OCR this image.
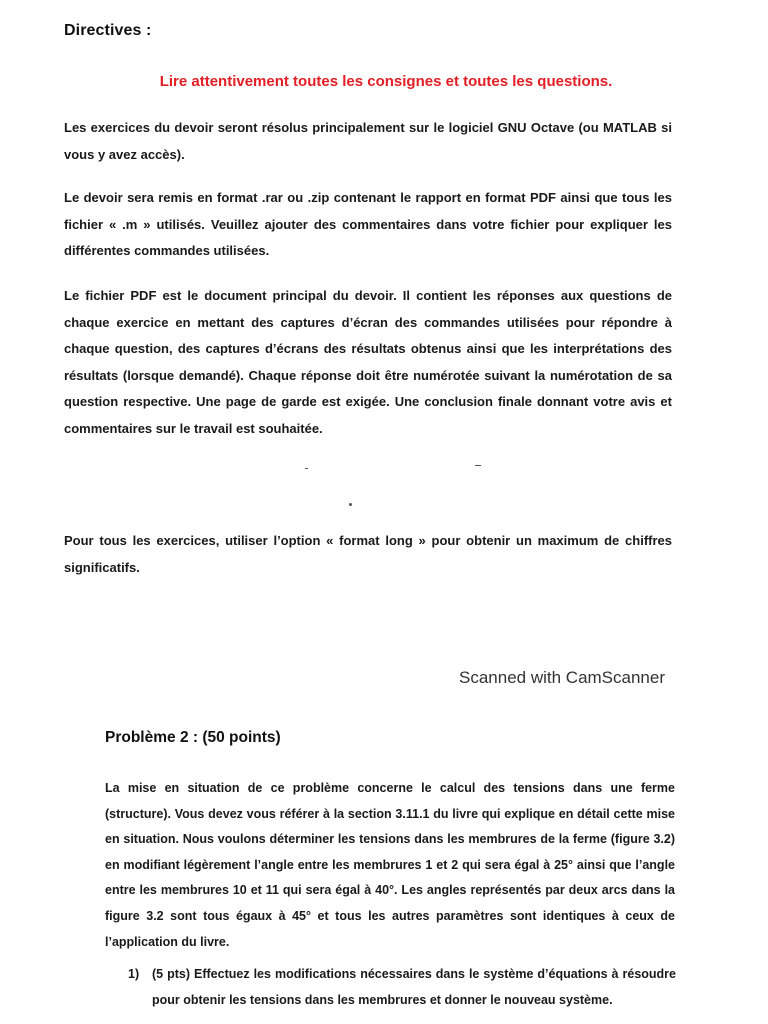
Directives :
Lire attentivement toutes les consignes et toutes les questions.

Les exercices du devoir seront résolus principalement sur le logiciel GNU Octave (ou MATLAB si vous y avez accès).

Le devoir sera remis en format .rar ou .zip contenant le rapport en format PDF ainsi que tous les fichier « .m » utilisés. Veuillez ajouter des commentaires dans votre fichier pour expliquer les différentes commandes utilisées.

Le fichier PDF est le document principal du devoir. Il contient les réponses aux questions de chaque exercice en mettant des captures d’écran des commandes utilisées pour répondre à chaque question, des captures d’écrans des résultats obtenus ainsi que les interprétations des résultats (lorsque demandé). Chaque réponse doit être numérotée suivant la numérotation de sa question respective. Une page de garde est exigée. Une conclusion finale donnant votre avis et commentaires sur le travail est souhaitée.

Pour tous les exercices, utiliser l’option « format long » pour obtenir un maximum de chiffres significatifs.

Scanned with CamScanner
Problème 2 : (50 points)

La mise en situation de ce problème concerne le calcul des tensions dans une ferme (structure). Vous devez vous référer à la section 3.11.1 du livre qui explique en détail cette mise en situation. Nous voulons déterminer les tensions dans les membrures de la ferme (figure 3.2) en modifiant légèrement l’angle entre les membrures 1 et 2 qui sera égal à 25° ainsi que l’angle entre les membrures 10 et 11 qui sera égal à 40°. Les angles représentés par deux arcs dans la figure 3.2 sont tous égaux à 45° et tous les autres paramètres sont identiques à ceux de l’application du livre.

1) (5 pts) Effectuez les modifications nécessaires dans le système d’équations à résoudre pour obtenir les tensions dans les membrures et donner le nouveau système.
